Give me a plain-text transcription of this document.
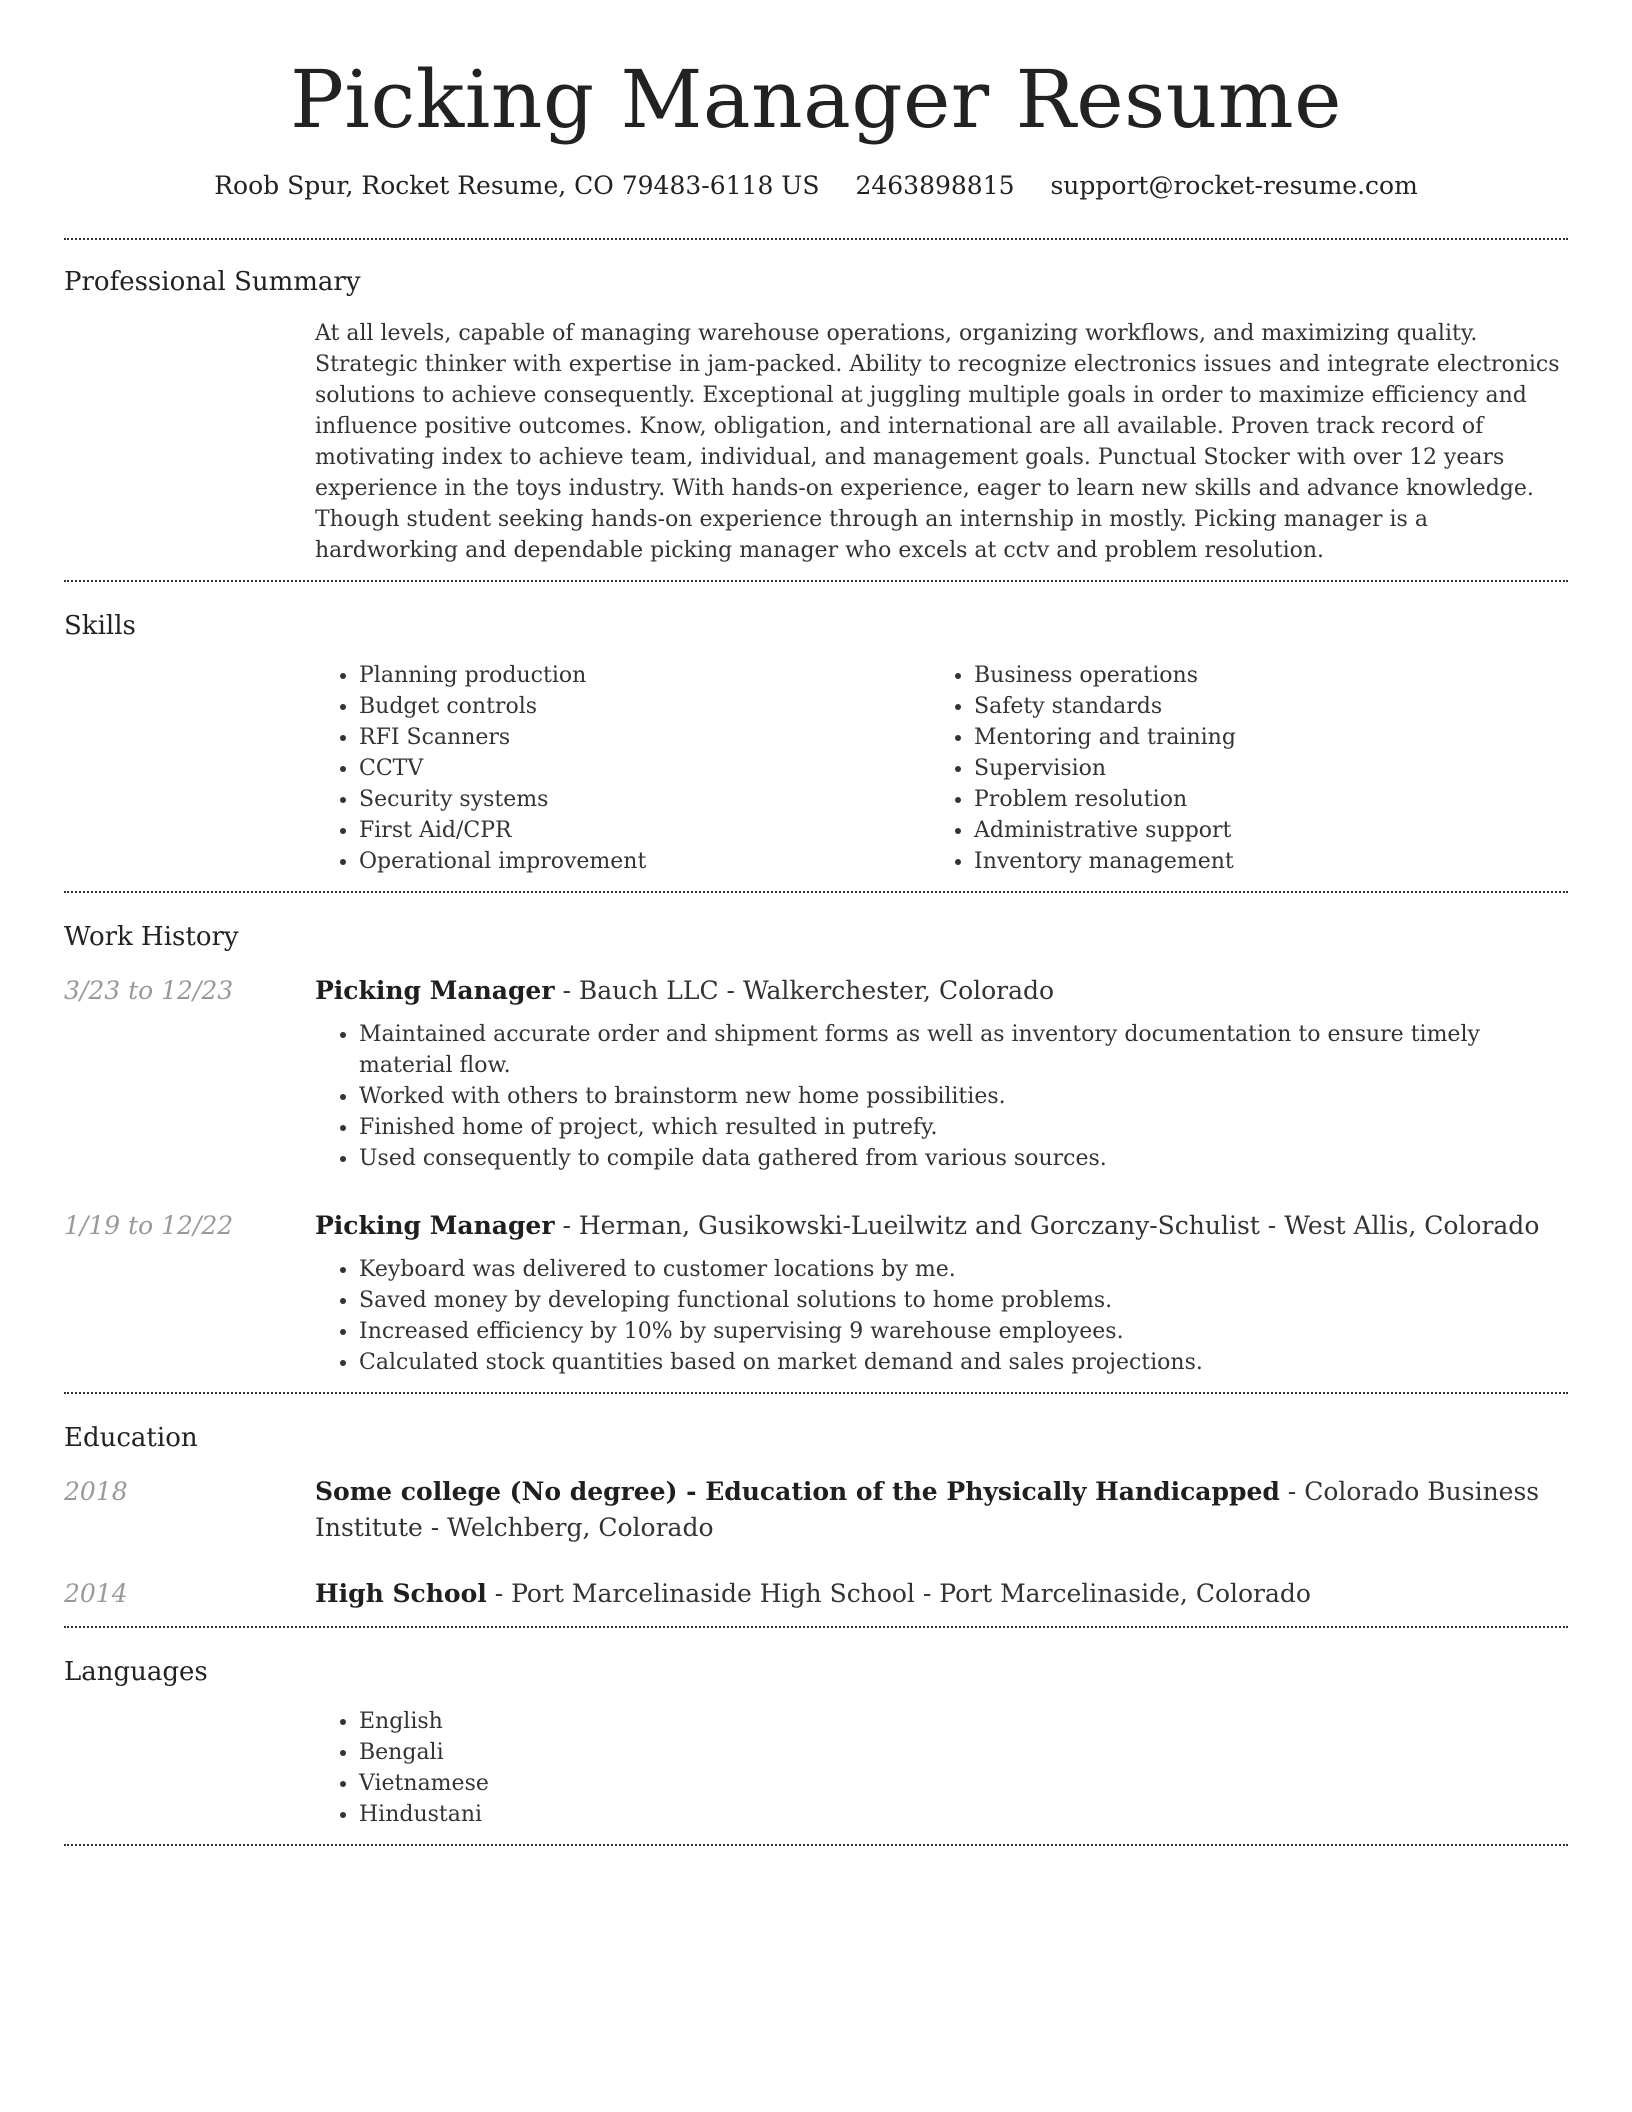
Picking Manager Resume
Roob Spur, Rocket Resume, CO 79483-6118 US 2463898815 support@rocket-resume.com
Professional Summary

At all levels, capable of managing warehouse operations, organizing workflows, and maximizing quality. Strategic thinker with expertise in jam-packed. Ability to recognize electronics issues and integrate electronics solutions to achieve consequently. Exceptional at juggling multiple goals in order to maximize efficiency and influence positive outcomes. Know, obligation, and international are all available. Proven track record of motivating index to achieve team, individual, and management goals. Punctual Stocker with over 12 years experience in the toys industry. With hands-on experience, eager to learn new skills and advance knowledge. Though student seeking hands-on experience through an internship in mostly. Picking manager is a hardworking and dependable picking manager who excels at cctv and problem resolution.

Skills
• Planning production
• Budget controls
• RFI Scanners
• CCTV
• Security systems
• First Aid/CPR
• Operational improvement
• Business operations
• Safety standards
• Mentoring and training
• Supervision
• Problem resolution
• Administrative support
• Inventory management
Work History
3/23 to 12/23	Picking Manager - Bauch LLC - Walkerchester, Colorado
• Maintained accurate order and shipment forms as well as inventory documentation to ensure timely material flow.
• Worked with others to brainstorm new home possibilities.
• Finished home of project, which resulted in putrefy.
• Used consequently to compile data gathered from various sources.
1/19 to 12/22	Picking Manager - Herman, Gusikowski-Lueilwitz and Gorczany-Schulist - West Allis, Colorado
• Keyboard was delivered to customer locations by me.
• Saved money by developing functional solutions to home problems.
• Increased efficiency by 10% by supervising 9 warehouse employees.
• Calculated stock quantities based on market demand and sales projections.
Education
2018	Some college (No degree) - Education of the Physically Handicapped - Colorado Business Institute - Welchberg, Colorado
2014	High School - Port Marcelinaside High School - Port Marcelinaside, Colorado
Languages
• English
• Bengali
• Vietnamese
• Hindustani
